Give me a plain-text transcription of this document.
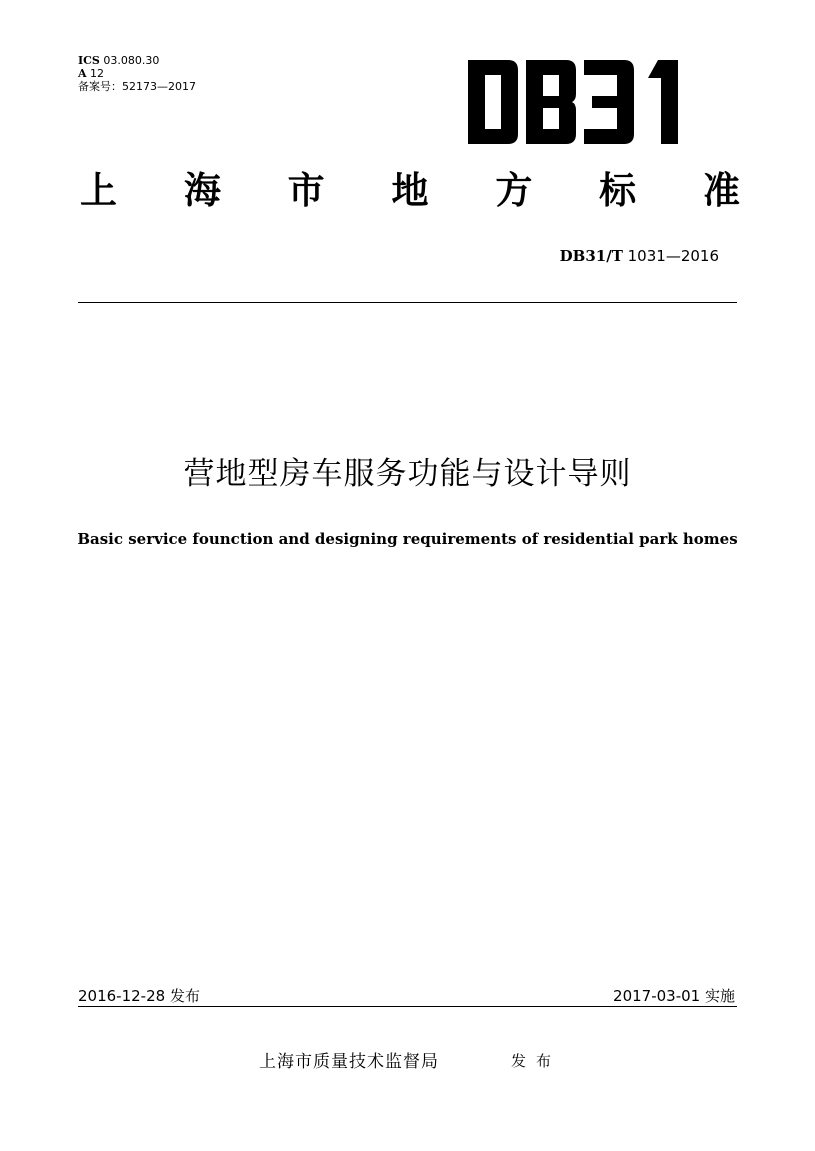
ICS 03.080.30
A 12
备案号：52173—2017
上 海 市 地 方 标 准
DB31/T 1031—2016
营地型房车服务功能与设计导则
Basic service founction and designing requirements of residential park homes
2016-12-28 发布	2017-03-01 实施
上海市质量技术监督局	发布
